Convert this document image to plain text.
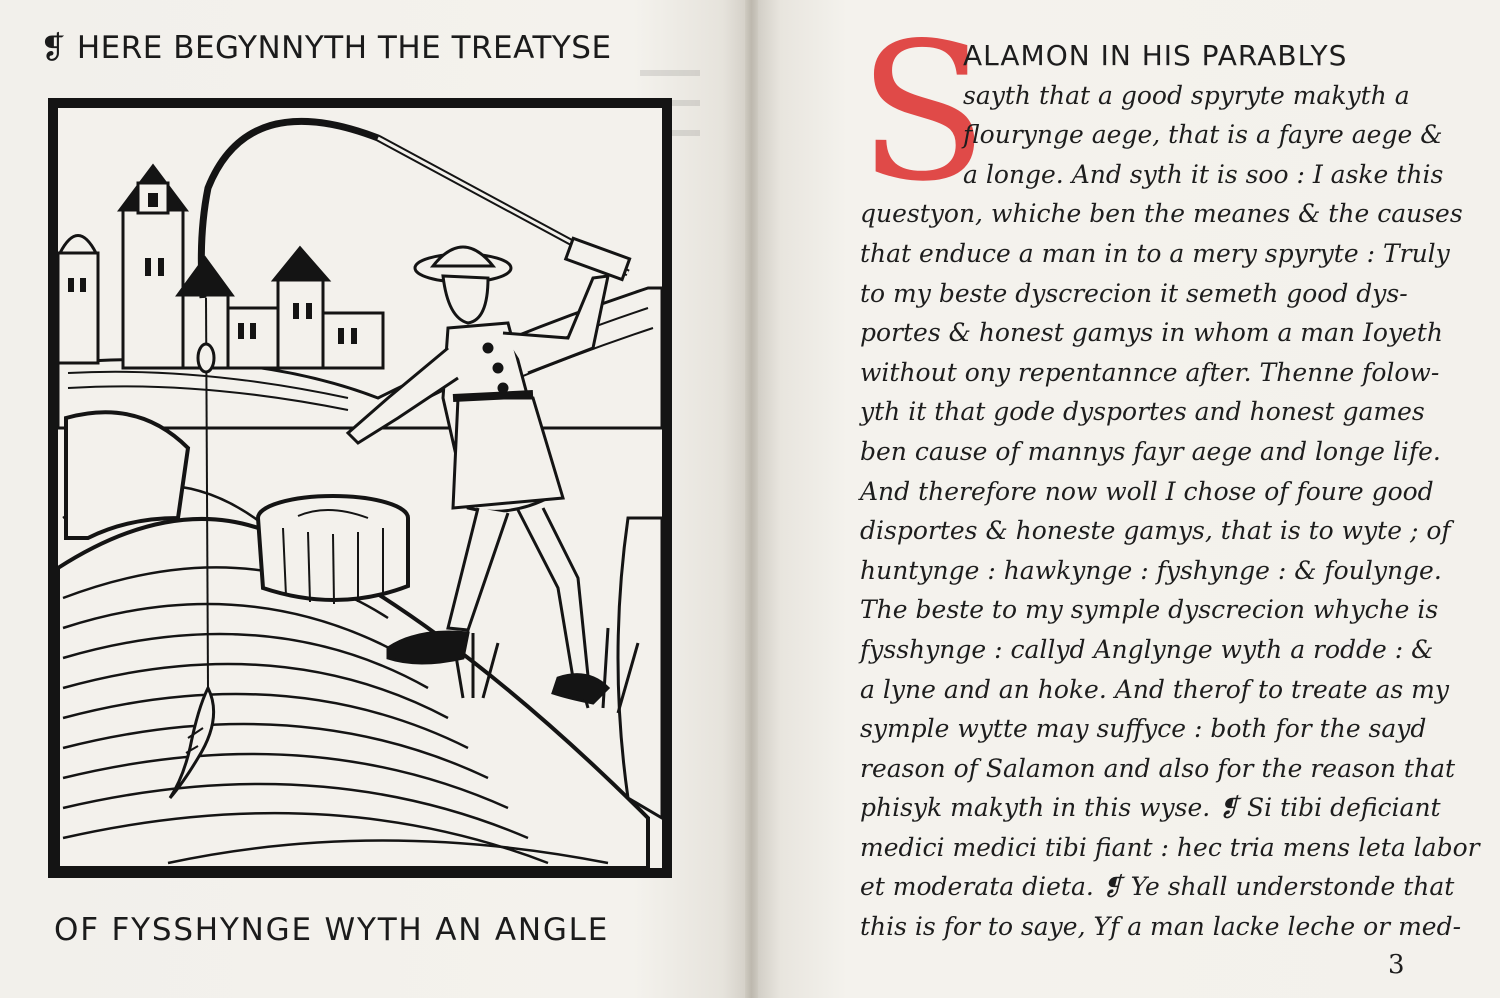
❡ HERE BEGYNNYTH THE TREATYSE
OF FYSSHYNGE WYTH AN ANGLE
S
ALAMON IN HIS PARABLYS
sayth that a good spyryte makyth a
flourynge aege, that is a fayre aege &
a longe. And syth it is soo : I aske this
questyon, whiche ben the meanes & the causes
that enduce a man in to a mery spyryte : Truly
to my beste dyscrecion it semeth good dys-
portes & honest gamys in whom a man Ioyeth
without ony repentannce after. Thenne folow-
yth it that gode dysportes and honest games
ben cause of mannys fayr aege and longe life.
And therefore now woll I chose of foure good
disportes & honeste gamys, that is to wyte ; of
huntynge : hawkynge : fyshynge : & foulynge.
The beste to my symple dyscrecion whyche is
fysshynge : callyd Anglynge wyth a rodde : &
a lyne and an hoke. And therof to treate as my
symple wytte may suffyce : both for the sayd
reason of Salamon and also for the reason that
phisyk makyth in this wyse. ❡ Si tibi deficiant
medici medici tibi fiant : hec tria mens leta labor
et moderata dieta. ❡ Ye shall understonde that
this is for to saye, Yf a man lacke leche or med-
3
